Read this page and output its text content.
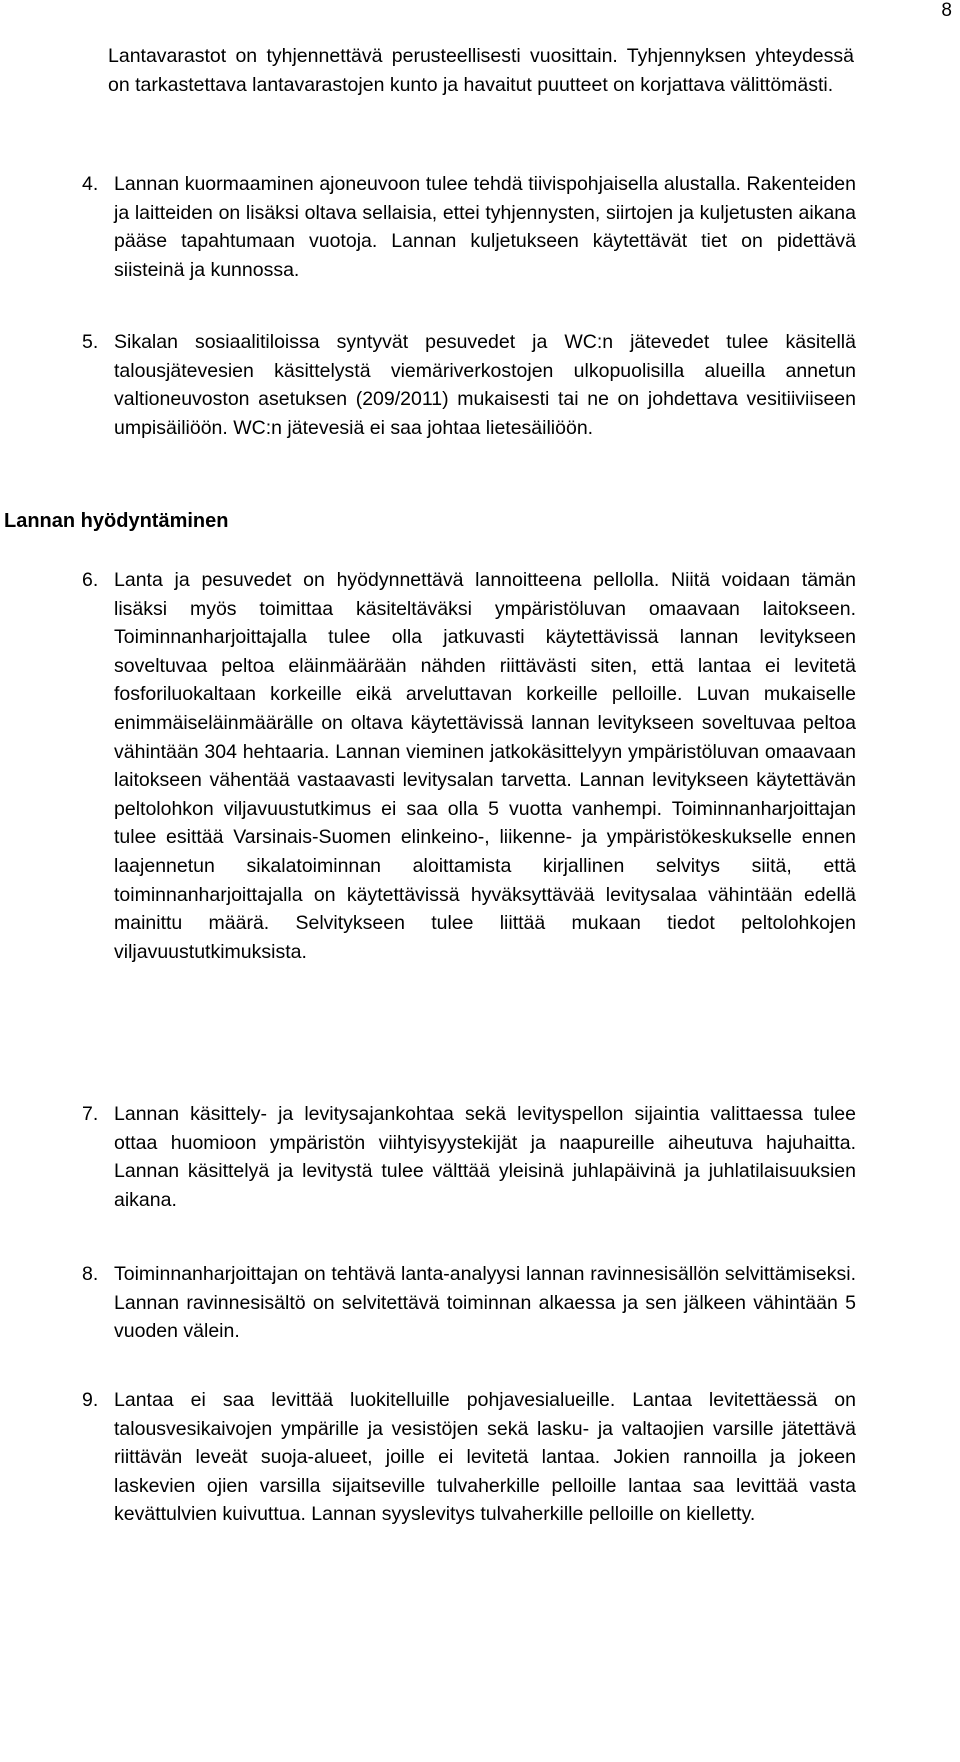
8

Lantavarastot on tyhjennettävä perusteellisesti vuosittain. Tyhjennyksen yhteydessä on tarkastettava lantavarastojen kunto ja havaitut puutteet on korjattava välittömästi.

4. Lannan kuormaaminen ajoneuvoon tulee tehdä tiivispohjaisella alustalla. Rakenteiden ja laitteiden on lisäksi oltava sellaisia, ettei tyhjennysten, siirtojen ja kuljetusten aikana pääse tapahtumaan vuotoja. Lannan kuljetukseen käytettävät tiet on pidettävä siisteinä ja kunnossa.
5. Sikalan sosiaalitiloissa syntyvät pesuvedet ja WC:n jätevedet tulee käsitellä talousjätevesien käsittelystä viemäriverkostojen ulkopuolisilla alueilla annetun valtioneuvoston asetuksen (209/2011) mukaisesti tai ne on johdettava vesitiiviiseen umpisäiliöön. WC:n jätevesiä ei saa johtaa lietesäiliöön.
Lannan hyödyntäminen
6. Lanta ja pesuvedet on hyödynnettävä lannoitteena pellolla. Niitä voidaan tämän lisäksi myös toimittaa käsiteltäväksi ympäristöluvan omaavaan laitokseen. Toiminnanharjoittajalla tulee olla jatkuvasti käytettävissä lannan levitykseen soveltuvaa peltoa eläinmäärään nähden riittävästi siten, että lantaa ei levitetä fosforiluokaltaan korkeille eikä arveluttavan korkeille pelloille. Luvan mukaiselle enimmäiseläinmäärälle on oltava käytettävissä lannan levitykseen soveltuvaa peltoa vähintään 304 hehtaaria. Lannan vieminen jatkokäsittelyyn ympäristöluvan omaavaan laitokseen vähentää vastaavasti levitysalan tarvetta. Lannan levitykseen käytettävän peltolohkon viljavuustutkimus ei saa olla 5 vuotta vanhempi. Toiminnanharjoittajan tulee esittää Varsinais-Suomen elinkeino-, liikenne- ja ympäristökeskukselle ennen laajennetun sikalatoiminnan aloittamista kirjallinen selvitys siitä, että toiminnanharjoittajalla on käytettävissä hyväksyttävää levitysalaa vähintään edellä mainittu määrä. Selvitykseen tulee liittää mukaan tiedot peltolohkojen viljavuustutkimuksista.
7. Lannan käsittely- ja levitysajankohtaa sekä levityspellon sijaintia valittaessa tulee ottaa huomioon ympäristön viihtyisyystekijät ja naapureille aiheutuva hajuhaitta. Lannan käsittelyä ja levitystä tulee välttää yleisinä juhlapäivinä ja juhlatilaisuuksien aikana.
8. Toiminnanharjoittajan on tehtävä lanta-analyysi lannan ravinnesisällön selvittämiseksi. Lannan ravinnesisältö on selvitettävä toiminnan alkaessa ja sen jälkeen vähintään 5 vuoden välein.
9. Lantaa ei saa levittää luokitelluille pohjavesialueille. Lantaa levitettäessä on talousvesikaivojen ympärille ja vesistöjen sekä lasku- ja valtaojien varsille jätettävä riittävän leveät suoja-alueet, joille ei levitetä lantaa. Jokien rannoilla ja jokeen laskevien ojien varsilla sijaitseville tulvaherkille pelloille lantaa saa levittää vasta kevättulvien kuivuttua. Lannan syyslevitys tulvaherkille pelloille on kielletty.
